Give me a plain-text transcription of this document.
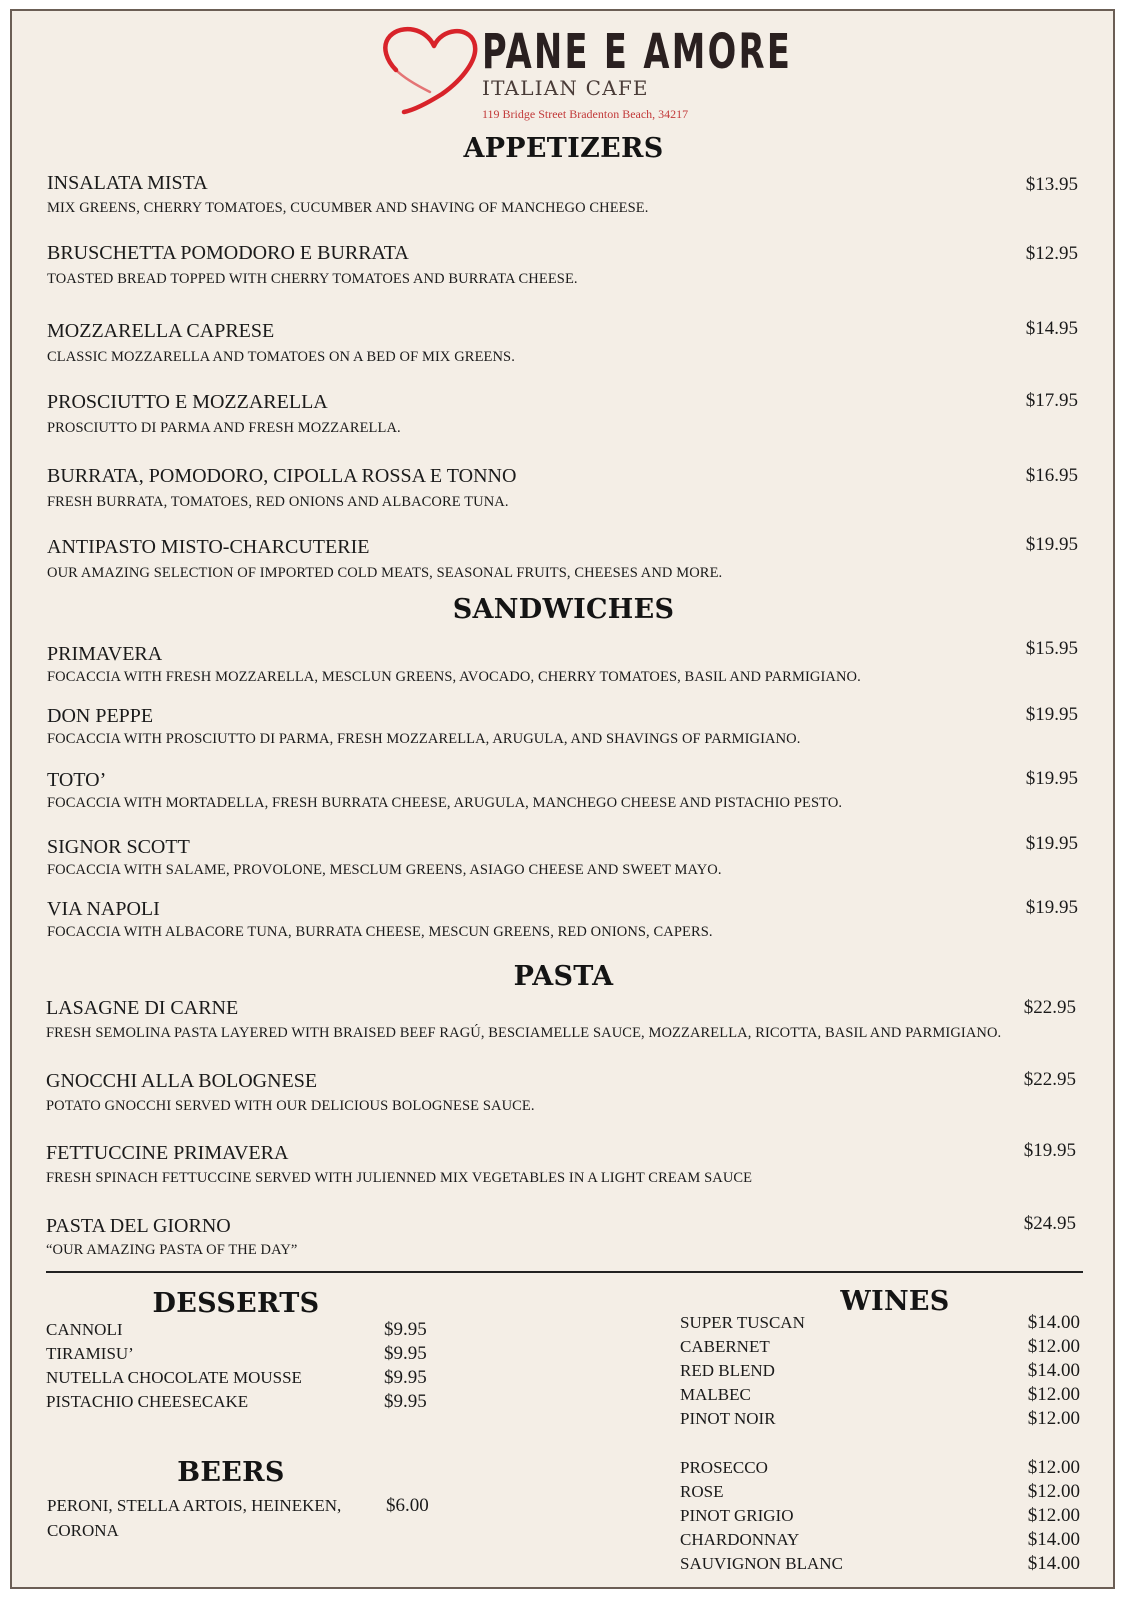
PANE E AMORE
ITALIAN CAFE
119 Bridge Street Bradenton Beach, 34217
APPETIZERS
SANDWICHES
PASTA
INSALATA MISTA
MIX GREENS, CHERRY TOMATOES, CUCUMBER AND SHAVING OF MANCHEGO CHEESE.
$13.95
BRUSCHETTA POMODORO E BURRATA
TOASTED BREAD TOPPED WITH CHERRY TOMATOES AND BURRATA CHEESE.
$12.95
MOZZARELLA CAPRESE
CLASSIC MOZZARELLA AND TOMATOES ON A BED OF MIX GREENS.
$14.95
PROSCIUTTO E MOZZARELLA
PROSCIUTTO DI PARMA AND FRESH MOZZARELLA.
$17.95
BURRATA, POMODORO, CIPOLLA ROSSA E TONNO
FRESH BURRATA, TOMATOES, RED ONIONS AND ALBACORE TUNA.
$16.95
ANTIPASTO MISTO-CHARCUTERIE
OUR AMAZING SELECTION OF IMPORTED COLD MEATS, SEASONAL FRUITS, CHEESES AND MORE.
$19.95
PRIMAVERA
FOCACCIA WITH FRESH MOZZARELLA, MESCLUN GREENS, AVOCADO, CHERRY TOMATOES, BASIL AND PARMIGIANO.
$15.95
DON PEPPE
FOCACCIA WITH PROSCIUTTO DI PARMA, FRESH MOZZARELLA, ARUGULA, AND SHAVINGS OF PARMIGIANO.
$19.95
TOTO’
FOCACCIA WITH MORTADELLA, FRESH BURRATA CHEESE, ARUGULA, MANCHEGO CHEESE AND PISTACHIO PESTO.
$19.95
SIGNOR SCOTT
FOCACCIA WITH SALAME, PROVOLONE, MESCLUM GREENS, ASIAGO CHEESE AND SWEET MAYO.
$19.95
VIA NAPOLI
FOCACCIA WITH ALBACORE TUNA, BURRATA CHEESE, MESCUN GREENS, RED ONIONS, CAPERS.
$19.95
LASAGNE DI CARNE
FRESH SEMOLINA PASTA LAYERED WITH BRAISED BEEF RAGÚ, BESCIAMELLE SAUCE, MOZZARELLA, RICOTTA, BASIL AND PARMIGIANO.
$22.95
GNOCCHI ALLA BOLOGNESE
POTATO GNOCCHI SERVED WITH OUR DELICIOUS BOLOGNESE SAUCE.
$22.95
FETTUCCINE PRIMAVERA
FRESH SPINACH FETTUCCINE SERVED WITH JULIENNED MIX VEGETABLES IN A LIGHT CREAM SAUCE
$19.95
PASTA DEL GIORNO
“OUR AMAZING PASTA OF THE DAY”
$24.95
DESSERTS
CANNOLI	$9.95
TIRAMISU’	$9.95
NUTELLA CHOCOLATE MOUSSE	$9.95
PISTACHIO CHEESECAKE	$9.95
BEERS
PERONI, STELLA ARTOIS, HEINEKEN,
CORONA
$6.00
WINES
SUPER TUSCAN	$14.00
CABERNET	$12.00
RED BLEND	$14.00
MALBEC	$12.00
PINOT NOIR	$12.00
PROSECCO	$12.00
ROSE	$12.00
PINOT GRIGIO	$12.00
CHARDONNAY	$14.00
SAUVIGNON BLANC	$14.00
